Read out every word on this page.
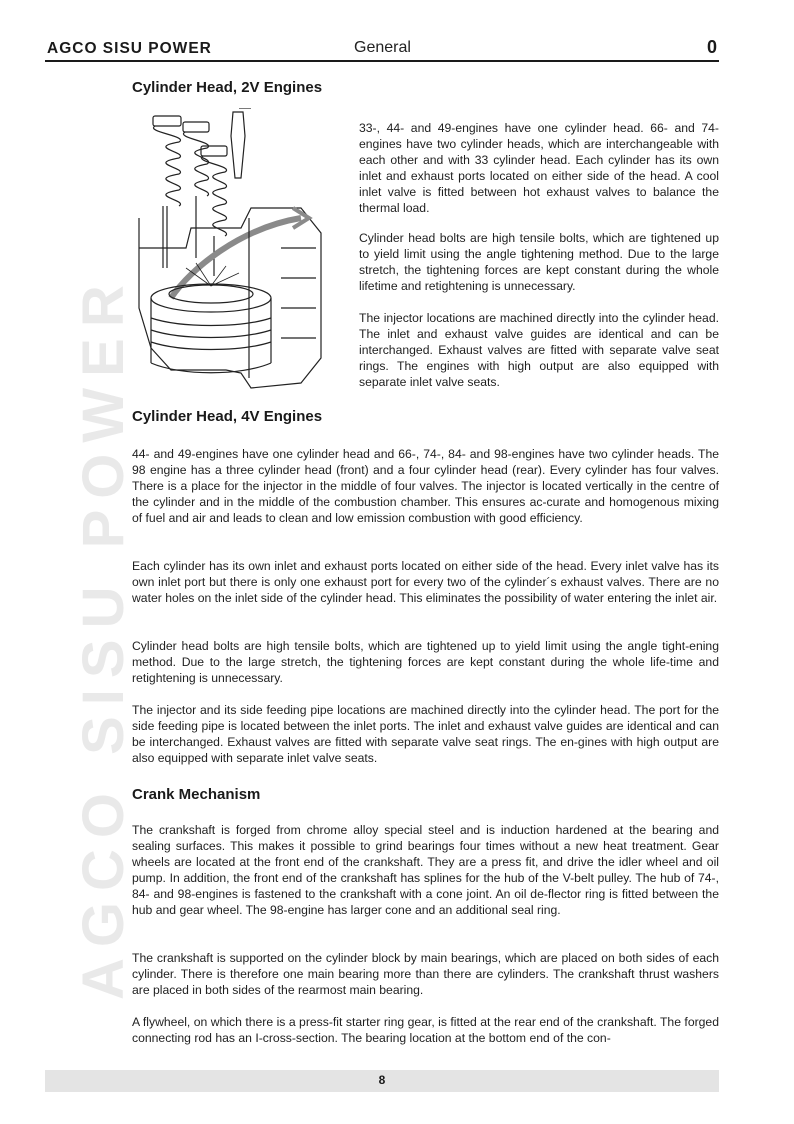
AGCO SISU POWER	General	0
AGCO SISU POWER
Cylinder Head, 2V Engines

33-, 44- and 49-engines have one cylinder head. 66- and 74-engines have two cylinder heads, which are interchangeable with each other and with 33 cylinder head. Each cylinder has its own inlet and exhaust ports located on either side of the head. A cool inlet valve is fitted between hot exhaust valves to balance the thermal load.

Cylinder head bolts are high tensile bolts, which are tightened up to yield limit using the angle tightening method. Due to the large stretch, the tightening forces are kept constant during the whole lifetime and retightening is unnecessary.

The injector locations are machined directly into the cylinder head. The inlet and exhaust valve guides are identical and can be interchanged. Exhaust valves are fitted with separate valve seat rings. The engines with high output are also equipped with separate inlet valve seats.

Cylinder Head, 4V Engines

44- and 49-engines have one cylinder head and 66-, 74-, 84- and 98-engines have two cylinder heads. The 98 engine has a three cylinder head (front) and a four cylinder head (rear). Every cylinder has four valves. There is a place for the injector in the middle of four valves. The injector is located vertically in the centre of the cylinder and in the middle of the combustion chamber. This ensures ac-curate and homogenous mixing of fuel and air and leads to clean and low emission combustion with good efficiency.

Each cylinder has its own inlet and exhaust ports located on either side of the head. Every inlet valve has its own inlet port but there is only one exhaust port for every two of the cylinder´s exhaust valves. There are no water holes on the inlet side of the cylinder head. This eliminates the possibility of water entering the inlet air.

Cylinder head bolts are high tensile bolts, which are tightened up to yield limit using the angle tight-ening method. Due to the large stretch, the tightening forces are kept constant during the whole life-time and retightening is unnecessary.

The injector and its side feeding pipe locations are machined directly into the cylinder head. The port for the side feeding pipe is located between the inlet ports. The inlet and exhaust valve guides are identical and can be interchanged. Exhaust valves are fitted with separate valve seat rings. The en-gines with high output are also equipped with separate inlet valve seats.

Crank Mechanism

The crankshaft is forged from chrome alloy special steel and is induction hardened at the bearing and sealing surfaces. This makes it possible to grind bearings four times without a new heat treatment. Gear wheels are located at the front end of the crankshaft. They are a press fit, and drive the idler wheel and oil pump. In addition, the front end of the crankshaft has splines for the hub of the V-belt pulley. The hub of 74-, 84- and 98-engines is fastened to the crankshaft with a cone joint. An oil de-flector ring is fitted between the hub and gear wheel. The 98-engine has larger cone and an additional seal ring.

The crankshaft is supported on the cylinder block by main bearings, which are placed on both sides of each cylinder. There is therefore one main bearing more than there are cylinders. The crankshaft thrust washers are placed in both sides of the rearmost main bearing.

A flywheel, on which there is a press-fit starter ring gear, is fitted at the rear end of the crankshaft. The forged connecting rod has an I-cross-section. The bearing location at the bottom end of the con-

8
